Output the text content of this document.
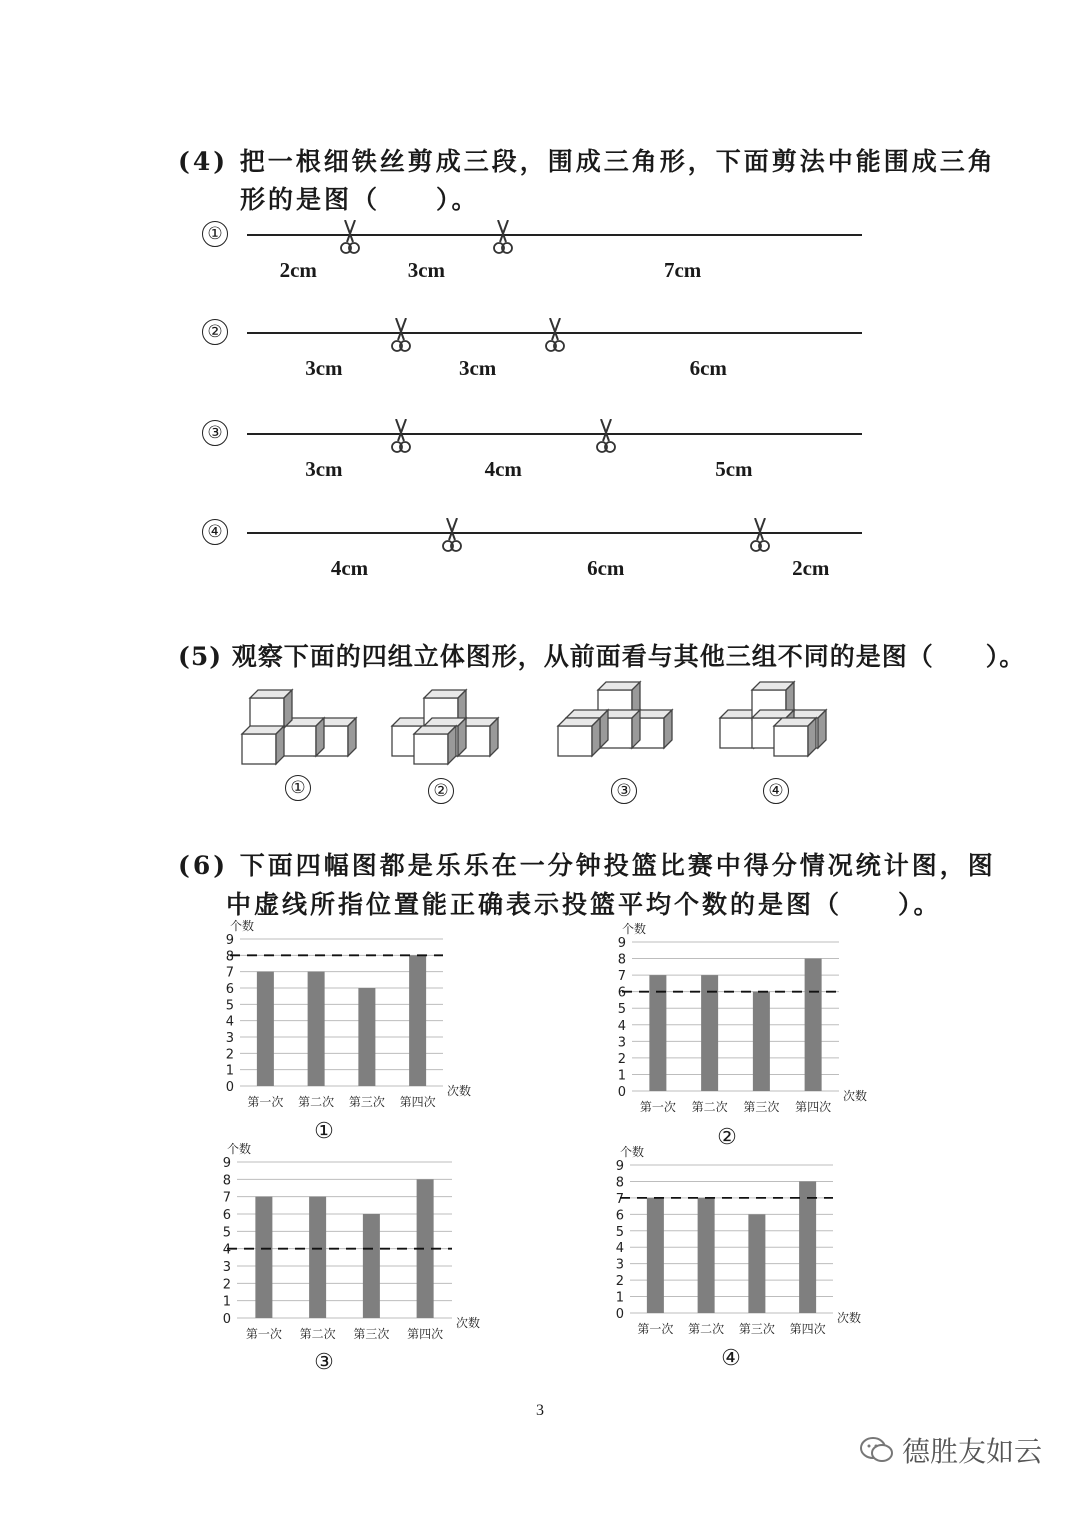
(4) 把一根细铁丝剪成三段，围成三角形，下面剪法中能围成三角
形的是图（　　）。
①
2cm	3cm	7cm
②
3cm	3cm	6cm
③
3cm	4cm	5cm
④
4cm	6cm	2cm
(5) 观察下面的四组立体图形，从前面看与其他三组不同的是图（　　）。
①	②	③	④
(6) 下面四幅图都是乐乐在一分钟投篮比赛中得分情况统计图，图
中虚线所指位置能正确表示投篮平均个数的是图（　　）。
0
1
2
3
4
5
6
7
8
9
个数
次数
第一次 第二次 第三次 第四次
0
1
2
3
4
5
6
7
8
9
个数
次数
第一次 第二次 第三次 第四次
0
1
2
3
4
5
6
7
8
9
个数
次数
第一次 第二次 第三次 第四次
0
1
2
3
4
5
6
7
8
9
个数
次数
第一次 第二次 第三次 第四次
①	②
③	④
3
德胜友如云
